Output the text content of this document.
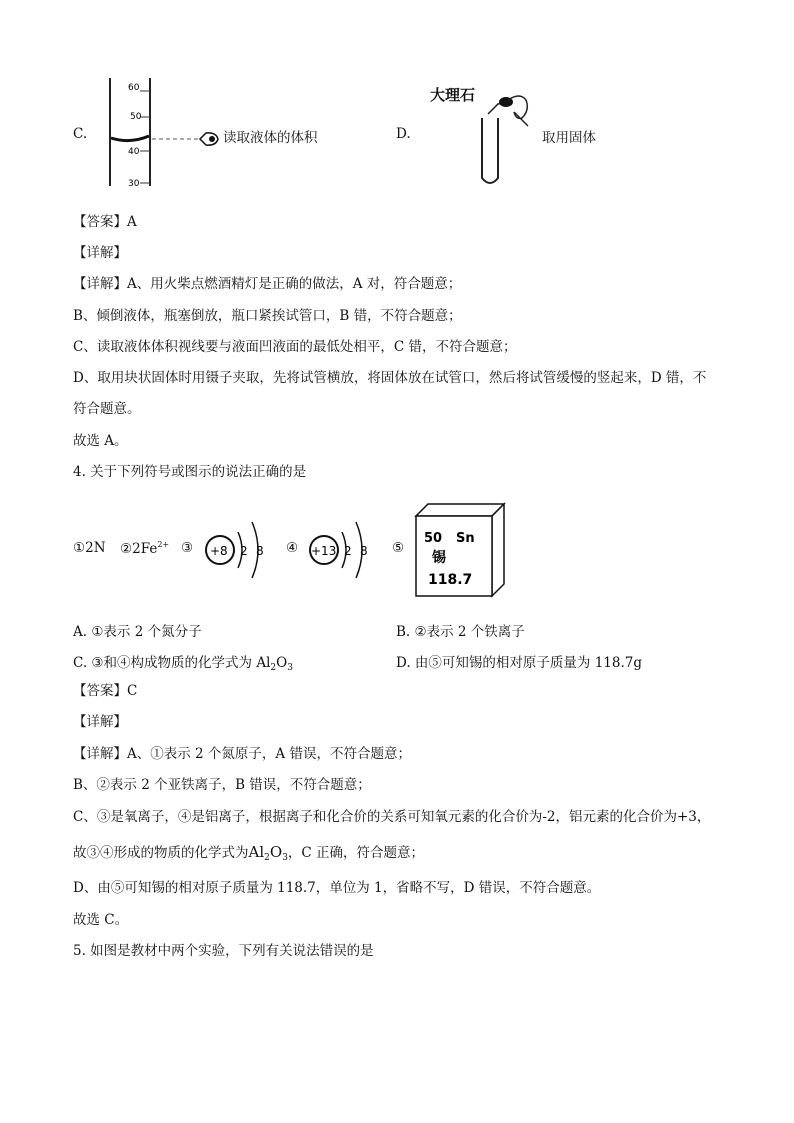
C.
60
50
40
30
读取液体的体积	D.
大理石
取用固体
【答案】A
【详解】
【详解】A、用火柴点燃酒精灯是正确的做法，A 对，符合题意；
B、倾倒液体，瓶塞倒放，瓶口紧挨试管口，B 错，不符合题意；
C、读取液体体积视线要与液面凹液面的最低处相平，C 错，不符合题意；
D、取用块状固体时用镊子夹取，先将试管横放，将固体放在试管口，然后将试管缓慢的竖起来，D 错，不
符合题意。
故选 A。
4. 关于下列符号或图示的说法正确的是
①2N $②2Fe^{2+}$ ③ +8 2 8 ④ +13 2 8 ⑤
50 Sn
锡
118.7
A. ①表示 2 个氮分子	B. ②表示 2 个铁离子
C. ③和④构成物质的化学式为 $Al_2O_3$	D. 由⑤可知锡的相对原子质量为 118.7g
【答案】C
【详解】
【详解】A、①表示 2 个氮原子，A 错误，不符合题意；
B、②表示 2 个亚铁离子，B 错误，不符合题意；
C、③是氧离子，④是铝离子，根据离子和化合价的关系可知氧元素的化合价为-2，铝元素的化合价为+3，
故③④形成的物质的化学式为$Al_2O_3$，C 正确，符合题意；
D、由⑤可知锡的相对原子质量为 118.7，单位为 1，省略不写，D 错误，不符合题意。
故选 C。
5. 如图是教材中两个实验，下列有关说法错误的是
